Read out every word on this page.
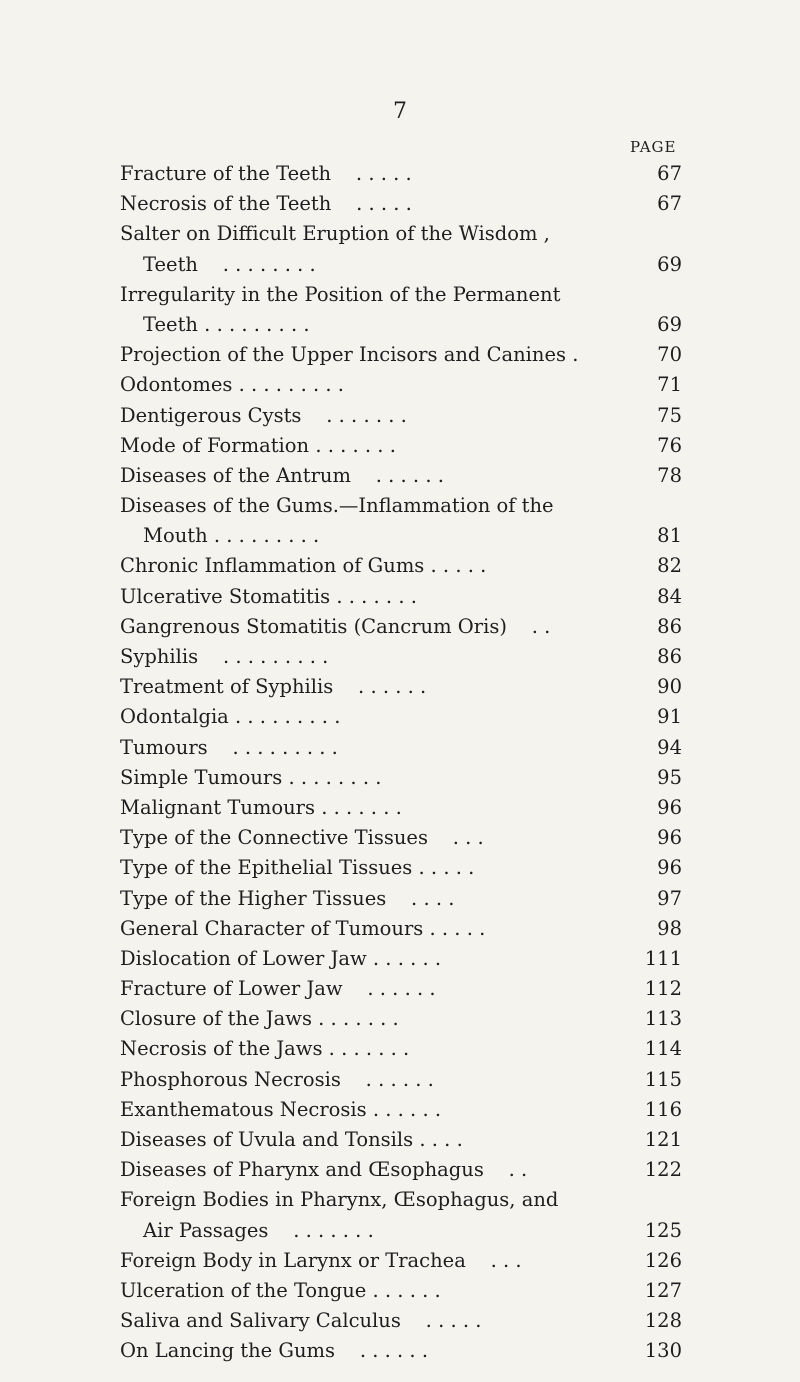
7
PAGE
Fracture of the Teeth . . . . .	67
Necrosis of the Teeth . . . . .	67
Salter on Difficult Eruption of the Wisdom ,
Teeth . . . . . . . .	69
Irregularity in the Position of the Permanent
Teeth . . . . . . . . .	69
Projection of the Upper Incisors and Canines .	70
Odontomes . . . . . . . . .	71
Dentigerous Cysts . . . . . . .	75
Mode of Formation . . . . . . .	76
Diseases of the Antrum . . . . . .	78
Diseases of the Gums.—Inflammation of the
Mouth . . . . . . . . .	81
Chronic Inflammation of Gums . . . . .	82
Ulcerative Stomatitis . . . . . . .	84
Gangrenous Stomatitis (Cancrum Oris) . .	86
Syphilis . . . . . . . . .	86
Treatment of Syphilis . . . . . .	90
Odontalgia . . . . . . . . .	91
Tumours . . . . . . . . .	94
Simple Tumours . . . . . . . .	95
Malignant Tumours . . . . . . .	96
Type of the Connective Tissues . . .	96
Type of the Epithelial Tissues . . . . .	96
Type of the Higher Tissues . . . .	97
General Character of Tumours . . . . .	98
Dislocation of Lower Jaw . . . . . .	111
Fracture of Lower Jaw . . . . . .	112
Closure of the Jaws . . . . . . .	113
Necrosis of the Jaws . . . . . . .	114
Phosphorous Necrosis . . . . . .	115
Exanthematous Necrosis . . . . . .	116
Diseases of Uvula and Tonsils . . . .	121
Diseases of Pharynx and Œsophagus . .	122
Foreign Bodies in Pharynx, Œsophagus, and
Air Passages . . . . . . .	125
Foreign Body in Larynx or Trachea . . .	126
Ulceration of the Tongue . . . . . .	127
Saliva and Salivary Calculus . . . . .	128
On Lancing the Gums . . . . . .	130
